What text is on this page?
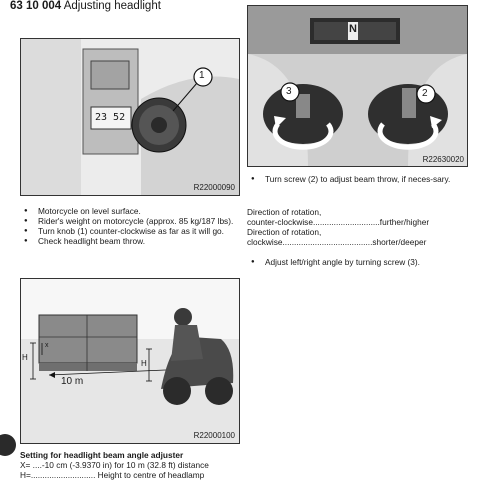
63 10 004 Adjusting headlight
23 52
1
R22000090
N
3	2
R22630020
● Motorcycle on level surface.
● Rider's weight on motorcycle (approx. 85 kg/187 lbs).
● Turn knob (1) counter-clockwise as far as it will go.
● Check headlight beam throw.
● Turn screw (2) to adjust beam throw, if neces-sary.
Direction of rotation,
counter-clockwise.............................further/higher
Direction of rotation,
clockwise.......................................shorter/deeper
● Adjust left/right angle by turning screw (3).
H
x
H
10 m
R22000100
Setting for headlight beam angle adjuster
X= ....-10 cm (-3.9370 in) for 10 m (32.8 ft) distance
H=............................ Height to centre of headlamp
